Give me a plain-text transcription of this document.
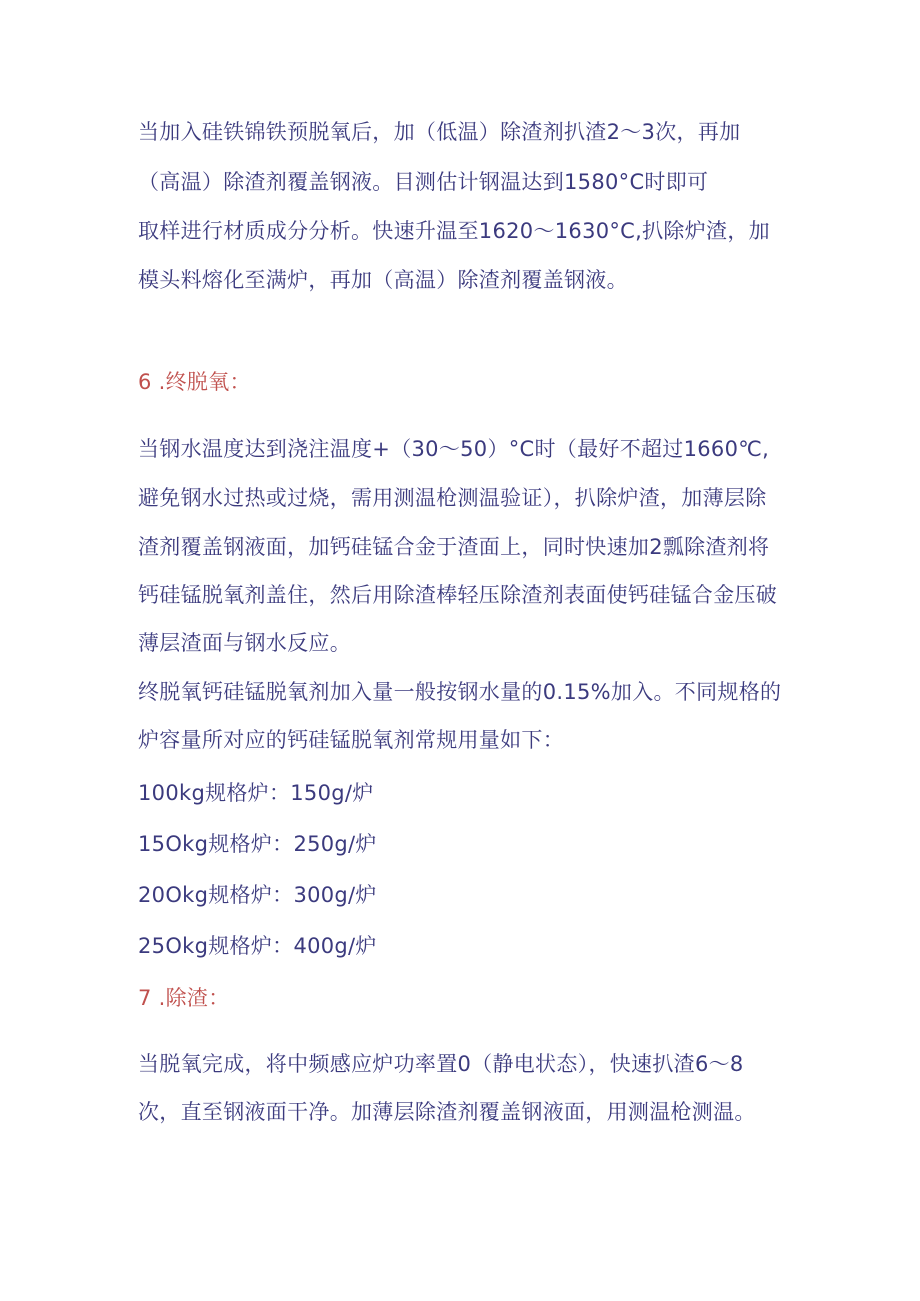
当加入硅铁锦铁预脱氧后，加（低温）除渣剂扒渣2～3次，再加
（高温）除渣剂覆盖钢液。目测估计钢温达到1580°C时即可
取样进行材质成分分析。快速升温至1620～1630°C,扒除炉渣，加
模头料熔化至满炉，再加（高温）除渣剂覆盖钢液。
6 .终脱氧：
当钢水温度达到浇注温度+（30～50）°C时（最好不超过1660℃,
避免钢水过热或过烧，需用测温枪测温验证），扒除炉渣，加薄层除
渣剂覆盖钢液面，加钙硅锰合金于渣面上，同时快速加2瓢除渣剂将
钙硅锰脱氧剂盖住，然后用除渣棒轻压除渣剂表面使钙硅锰合金压破
薄层渣面与钢水反应。
终脱氧钙硅锰脱氧剂加入量一般按钢水量的0.15%加入。不同规格的
炉容量所对应的钙硅锰脱氧剂常规用量如下：
100kg规格炉：150g∕炉
15Okg规格炉：250g∕炉
20Okg规格炉：300g∕炉
25Okg规格炉：400g∕炉
7 .除渣：
当脱氧完成，将中频感应炉功率置0（静电状态），快速扒渣6～8
次，直至钢液面干净。加薄层除渣剂覆盖钢液面，用测温枪测温。
